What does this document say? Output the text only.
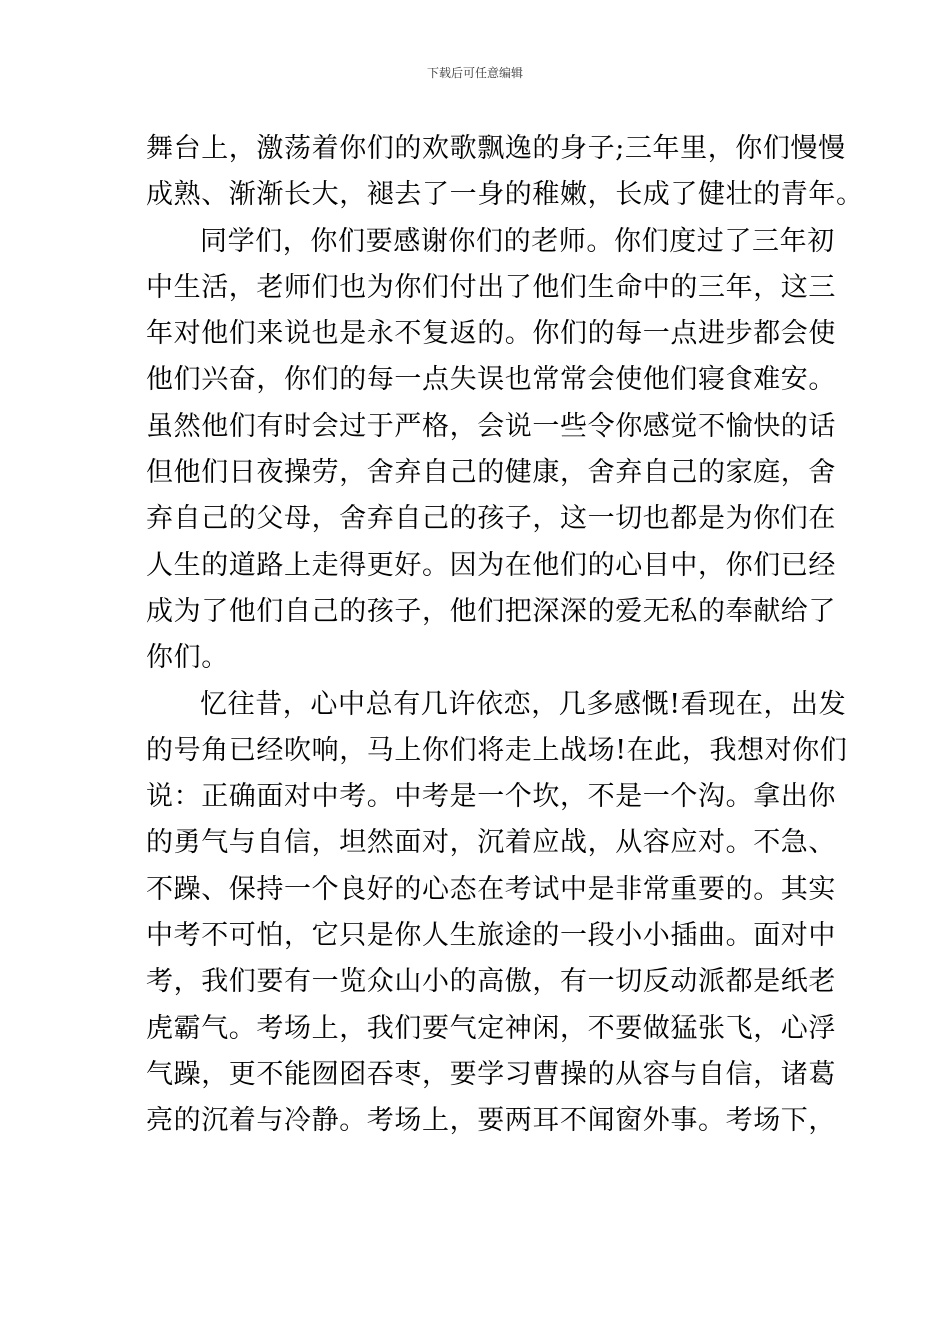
下载后可任意编辑
舞台上，激荡着你们的欢歌飘逸的身子;三年里，你们慢慢
成熟、渐渐长大，褪去了一身的稚嫩，长成了健壮的青年。
同学们，你们要感谢你们的老师。你们度过了三年初
中生活，老师们也为你们付出了他们生命中的三年，这三
年对他们来说也是永不复返的。你们的每一点进步都会使
他们兴奋，你们的每一点失误也常常会使他们寝食难安。
虽然他们有时会过于严格，会说一些令你感觉不愉快的话
但他们日夜操劳，舍弃自己的健康，舍弃自己的家庭，舍
弃自己的父母，舍弃自己的孩子，这一切也都是为你们在
人生的道路上走得更好。因为在他们的心目中，你们已经
成为了他们自己的孩子，他们把深深的爱无私的奉献给了
你们。
忆往昔，心中总有几许依恋，几多感慨!看现在，出发
的号角已经吹响，马上你们将走上战场!在此，我想对你们
说：正确面对中考。中考是一个坎，不是一个沟。拿出你
的勇气与自信，坦然面对，沉着应战，从容应对。不急、
不躁、保持一个良好的心态在考试中是非常重要的。其实
中考不可怕，它只是你人生旅途的一段小小插曲。面对中
考，我们要有一览众山小的高傲，有一切反动派都是纸老
虎霸气。考场上，我们要气定神闲，不要做猛张飞，心浮
气躁，更不能囫囵吞枣，要学习曹操的从容与自信，诸葛
亮的沉着与冷静。考场上，要两耳不闻窗外事。考场下，
